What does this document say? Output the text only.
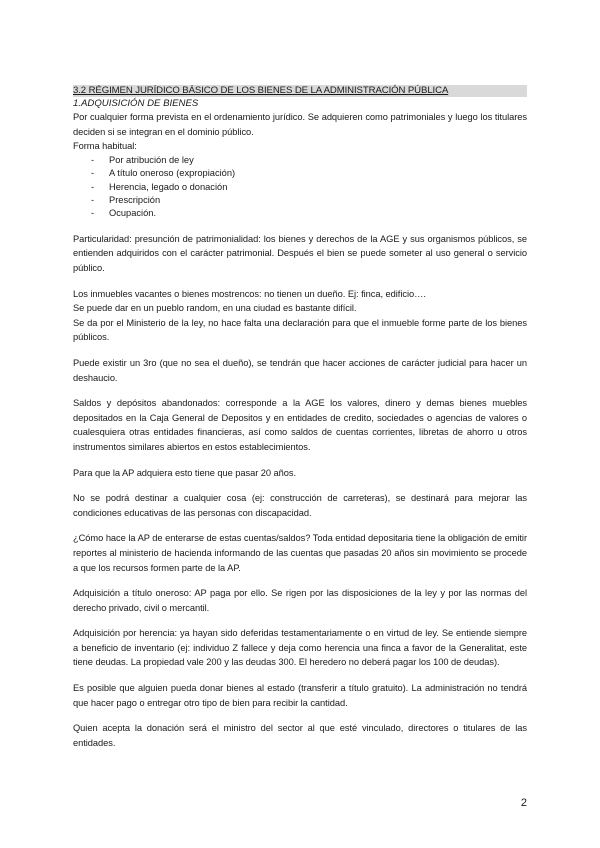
3.2 RÉGIMEN JURÍDICO BÁSICO DE LOS BIENES DE LA ADMINISTRACIÓN PÚBLICA
1.ADQUISICIÓN DE BIENES

Por cualquier forma prevista en el ordenamiento jurídico. Se adquieren como patrimoniales y luego los titulares deciden si se integran en el dominio público.

Forma habitual:

- Por atribución de ley
- A título oneroso (expropiación)
- Herencia, legado o donación
- Prescripción
- Ocupación.

Particularidad: presunción de patrimonialidad: los bienes y derechos de la AGE y sus organismos públicos, se entienden adquiridos con el carácter patrimonial. Después el bien se puede someter al uso general o servicio público.

Los inmuebles vacantes o bienes mostrencos: no tienen un dueño. Ej: finca, edificio….

Se puede dar en un pueblo random, en una ciudad es bastante difícil.

Se da por el Ministerio de la ley, no hace falta una declaración para que el inmueble forme parte de los bienes públicos.

Puede existir un 3ro (que no sea el dueño), se tendrán que hacer acciones de carácter judicial para hacer un deshaucio.

Saldos y depósitos abandonados: corresponde a la AGE los valores, dinero y demas bienes muebles depositados en la Caja General de Depositos y en entidades de credito, sociedades o agencias de valores o cualesquiera otras entidades financieras, así como saldos de cuentas corrientes, libretas de ahorro u otros instrumentos similares abiertos en estos establecimientos.

Para que la AP adquiera esto tiene que pasar 20 años.

No se podrá destinar a cualquier cosa (ej: construcción de carreteras), se destinará para mejorar las condiciones educativas de las personas con discapacidad.

¿Cómo hace la AP de enterarse de estas cuentas/saldos? Toda entidad depositaria tiene la obligación de emitir reportes al ministerio de hacienda informando de las cuentas que pasadas 20 años sin movimiento se procede a que los recursos formen parte de la AP.

Adquisición a título oneroso: AP paga por ello. Se rigen por las disposiciones de la ley y por las normas del derecho privado, civil o mercantil.

Adquisición por herencia: ya hayan sido deferidas testamentariamente o en virtud de ley. Se entiende siempre a beneficio de inventario (ej: individuo Z fallece y deja como herencia una finca a favor de la Generalitat, este tiene deudas. La propiedad vale 200 y las deudas 300. El heredero no deberá pagar los 100 de deudas).

Es posible que alguien pueda donar bienes al estado (transferir a título gratuito). La administración no tendrá que hacer pago o entregar otro tipo de bien para recibir la cantidad.

Quien acepta la donación será el ministro del sector al que esté vinculado, directores o titulares de las entidades.

2
